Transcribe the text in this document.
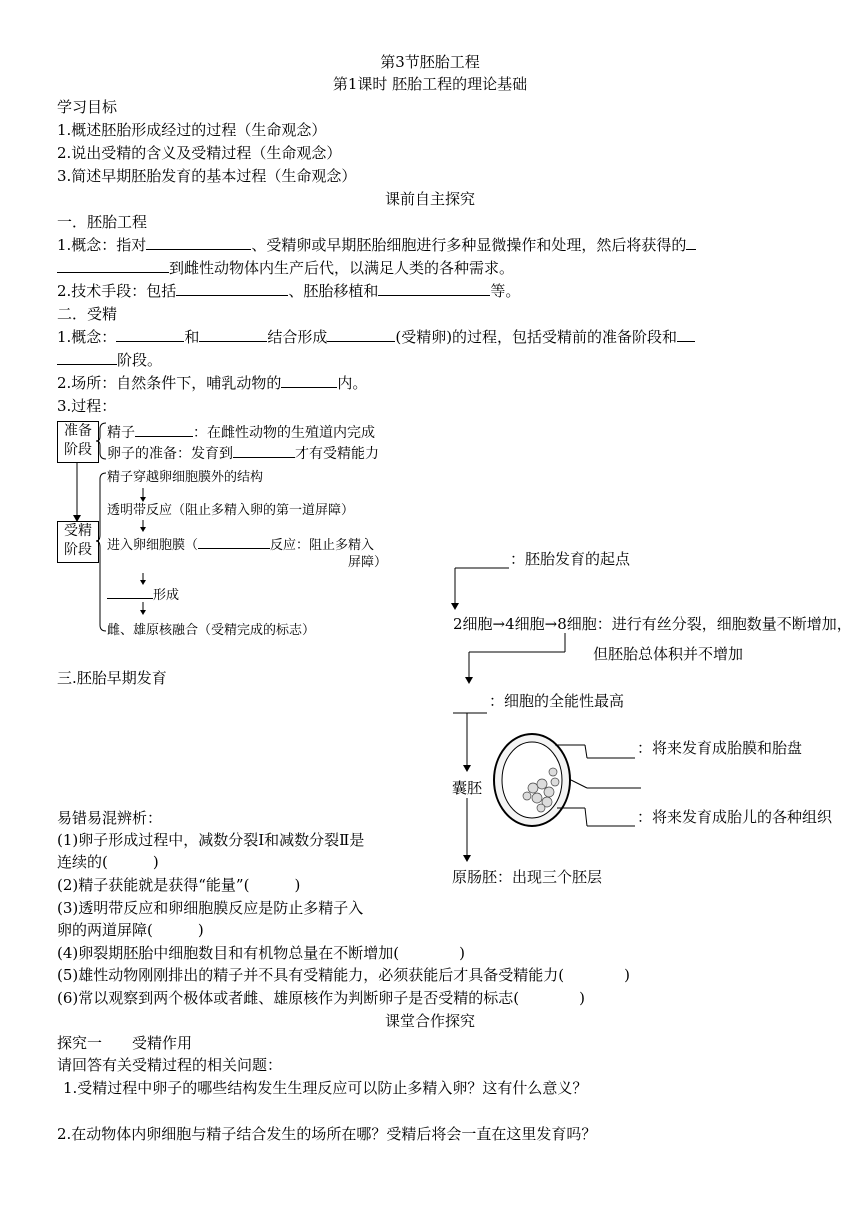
第3节胚胎工程
第1课时 胚胎工程的理论基础
学习目标
1.概述胚胎形成经过的过程（生命观念）
2.说出受精的含义及受精过程（生命观念）
3.简述早期胚胎发育的基本过程（生命观念）
课前自主探究
一．胚胎工程
1.概念：指对	、受精卵或早期胚胎细胞进行多种显微操作和处理，然后将获得的
到雌性动物体内生产后代，以满足人类的各种需求。
2.技术手段：包括	、胚胎移植和	等。
二．受精
1.概念：	和	结合形成	(受精卵)的过程，包括受精前的准备阶段和
阶段。
2.场所：自然条件下，哺乳动物的	内。
3.过程：
准备
阶段
受精
阶段
精子	：在雌性动物的生殖道内完成
卵子的准备：发育到	才有受精能力
精子穿越卵细胞膜外的结构
透明带反应（阻止多精入卵的第一道屏障）
进入卵细胞膜（	反应：阻止多精入
屏障）
形成
雌、雄原核融合（受精完成的标志）
三.胚胎早期发育
：胚胎发育的起点
2细胞→4细胞→8细胞：进行有丝分裂，细胞数量不断增加，
但胚胎总体积并不增加
：细胞的全能性最高
囊胚
：将来发育成胎膜和胎盘
：将来发育成胎儿的各种组织
原肠胚：出现三个胚层
易错易混辨析：
(1)卵子形成过程中，减数分裂Ⅰ和减数分裂Ⅱ是
连续的(　　　)
(2)精子获能就是获得“能量”(　　　)
(3)透明带反应和卵细胞膜反应是防止多精子入
卵的两道屏障(　　　)
(4)卵裂期胚胎中细胞数目和有机物总量在不断增加(　　　　)
(5)雄性动物刚刚排出的精子并不具有受精能力，必须获能后才具备受精能力(　　　　)
(6)常以观察到两个极体或者雌、雄原核作为判断卵子是否受精的标志(　　　　)
课堂合作探究
探究一　　受精作用
请回答有关受精过程的相关问题：
1.受精过程中卵子的哪些结构发生生理反应可以防止多精入卵？这有什么意义？
2.在动物体内卵细胞与精子结合发生的场所在哪？受精后将会一直在这里发育吗？
